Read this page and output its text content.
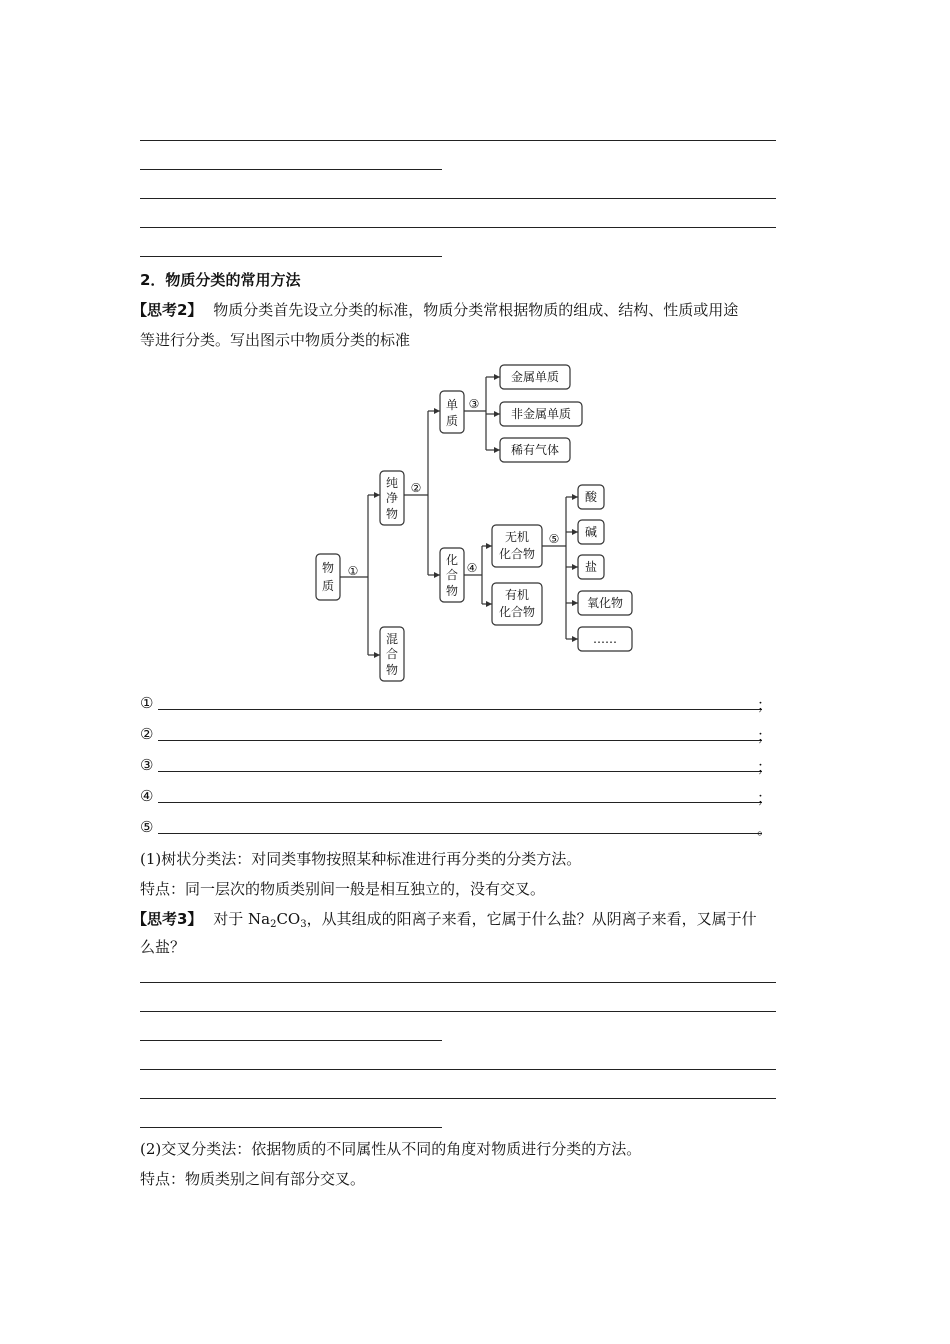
2．物质分类的常用方法
【思考2】 物质分类首先设立分类的标准，物质分类常根据物质的组成、结构、性质或用途
等进行分类。写出图示中物质分类的标准
物
质
纯
净
物
混
合
物
单
质
化
合
物
金属单质
非金属单质
稀有气体
无机
化合物
有机
化合物
酸
碱
盐
氧化物
……
①
②
③
④
⑤
①	；
②	；
③	；
④	；
⑤	。
(1)树状分类法：对同类事物按照某种标准进行再分类的分类方法。
特点：同一层次的物质类别间一般是相互独立的，没有交叉。
【思考3】 对于 $Na_2CO_3$，从其组成的阳离子来看，它属于什么盐？从阴离子来看，又属于什
么盐？
(2)交叉分类法：依据物质的不同属性从不同的角度对物质进行分类的方法。
特点：物质类别之间有部分交叉。
